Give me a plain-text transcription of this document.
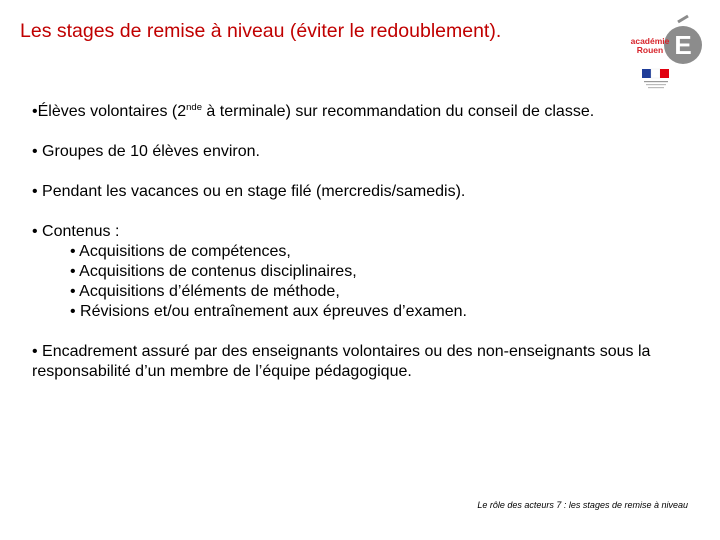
Les stages de remise à niveau (éviter le redoublement).	E
académie
Rouen

•Élèves volontaires (2nde à terminale) sur recommandation du conseil de classe.

• Groupes de 10 élèves environ.

• Pendant les vacances ou en stage filé (mercredis/samedis).

• Contenus :

• Acquisitions de compétences,
• Acquisitions de contenus disciplinaires,
• Acquisitions d’éléments de méthode,
• Révisions et/ou entraînement aux épreuves d’examen.

• Encadrement assuré par des enseignants volontaires ou des non-enseignants sous la responsabilité d’un membre de l’équipe pédagogique.

Le rôle des acteurs 7 : les stages de remise à niveau
